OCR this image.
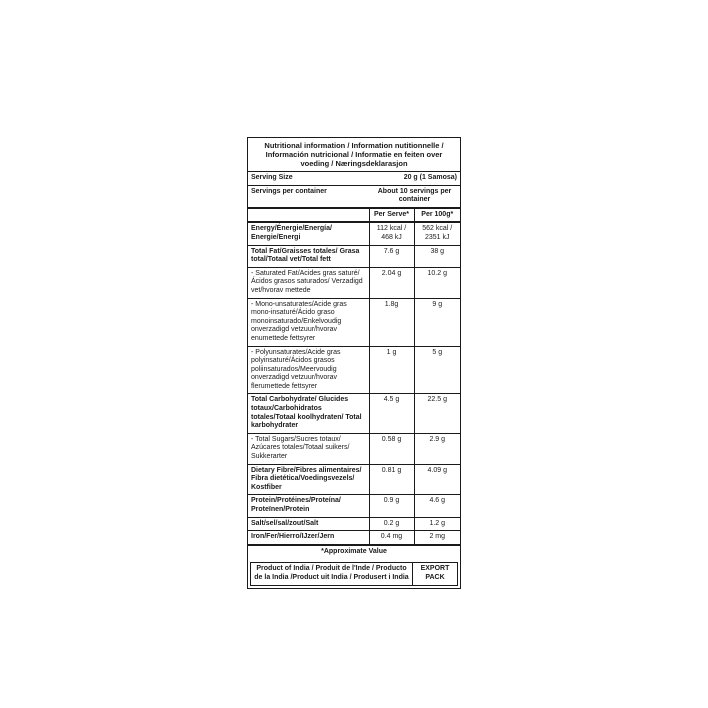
Nutritional information / Information nutitionnelle / Información nutricional / Informatie en feiten over voeding / Næringsdeklarasjon
Serving Size	20 g (1 Samosa)	
Servings per container	About 10 servings per container	
	Per Serve*	Per 100g*
Energy/Énergie/Energía/ Energie/Energi	112 kcal / 468 kJ	562 kcal / 2351 kJ
Total Fat/Graisses totales/ Grasa total/Totaal vet/Total fett	7.6 g	38 g
- Saturated Fat/Acides gras saturé/ Ácidos grasos saturados/ Verzadigd vet/hvorav mettede	2.04 g	10.2 g
- Mono-unsaturates/Acide gras mono-insaturé/Ácido graso monoinsaturado/Enkelvoudig onverzadigd vetzuur/hvorav enumettede fettsyrer	1.8g	9 g
- Polyunsaturates/Acide gras polyinsaturé/Ácidos grasos poliinsaturados/Meervoudig onverzadigd vetzuur/hvorav flerumettede fettsyrer	1 g	5 g
Total Carbohydrate/ Glucides totaux/Carbohidratos totales/Totaal koolhydraten/ Total karbohydrater	4.5 g	22.5 g
- Total Sugars/Sucres totaux/ Azúcares totales/Totaal suikers/ Sukkerarter	0.58 g	2.9 g
Dietary Fibre/Fibres alimentaires/ Fibra dietética/Voedingsvezels/ Kostfiber	0.81 g	4.09 g
Protein/Protéines/Proteína/ Proteïnen/Protein	0.9 g	4.6 g
Salt/sel/sal/zout/Salt	0.2 g	1.2 g
Iron/Fer/Hierro/IJzer/Jern	0.4 mg	2 mg
*Approximate Value		
Product of India / Produit de l'Inde / Producto de la India /Product uit India / Produsert i India
EXPORT PACK
